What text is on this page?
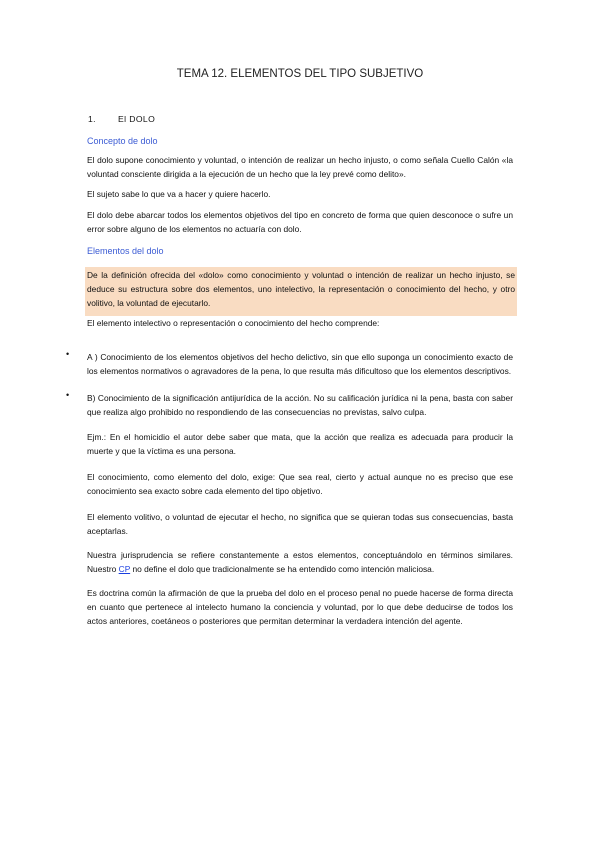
TEMA 12. ELEMENTOS DEL TIPO SUBJETIVO
1.	El DOLO
Concepto de dolo
El dolo supone conocimiento y voluntad, o intención de realizar un hecho injusto, o como señala Cuello Calón «la voluntad consciente dirigida a la ejecución de un hecho que la ley prevé como delito».
El sujeto sabe lo que va a hacer y quiere hacerlo.
El dolo debe abarcar todos los elementos objetivos del tipo en concreto de forma que quien desconoce o sufre un error sobre alguno de los elementos no actuaría con dolo.
Elementos del dolo
De la definición ofrecida del «dolo» como conocimiento y voluntad o intención de realizar un hecho injusto, se deduce su estructura sobre dos elementos, uno intelectivo, la representación o conocimiento del hecho, y otro volitivo, la voluntad de ejecutarlo.
El elemento intelectivo o representación o conocimiento del hecho comprende:
• A ) Conocimiento de los elementos objetivos del hecho delictivo, sin que ello suponga un conocimiento exacto de los elementos normativos o agravadores de la pena, lo que resulta más dificultoso que los elementos descriptivos.
• B) Conocimiento de la significación antijurídica de la acción. No su calificación jurídica ni la pena, basta con saber que realiza algo prohibido no respondiendo de las consecuencias no previstas, salvo culpa.
Ejm.: En el homicidio el autor debe saber que mata, que la acción que realiza es adecuada para producir la muerte y que la víctima es una persona.
El conocimiento, como elemento del dolo, exige: Que sea real, cierto y actual aunque no es preciso que ese conocimiento sea exacto sobre cada elemento del tipo objetivo.
El elemento volitivo, o voluntad de ejecutar el hecho, no significa que se quieran todas sus consecuencias, basta aceptarlas.
Nuestra jurisprudencia se refiere constantemente a estos elementos, conceptuándolo en términos similares. Nuestro CP no define el dolo que tradicionalmente se ha entendido como intención maliciosa.
Es doctrina común la afirmación de que la prueba del dolo en el proceso penal no puede hacerse de forma directa en cuanto que pertenece al intelecto humano la conciencia y voluntad, por lo que debe deducirse de todos los actos anteriores, coetáneos o posteriores que permitan determinar la verdadera intención del agente.
